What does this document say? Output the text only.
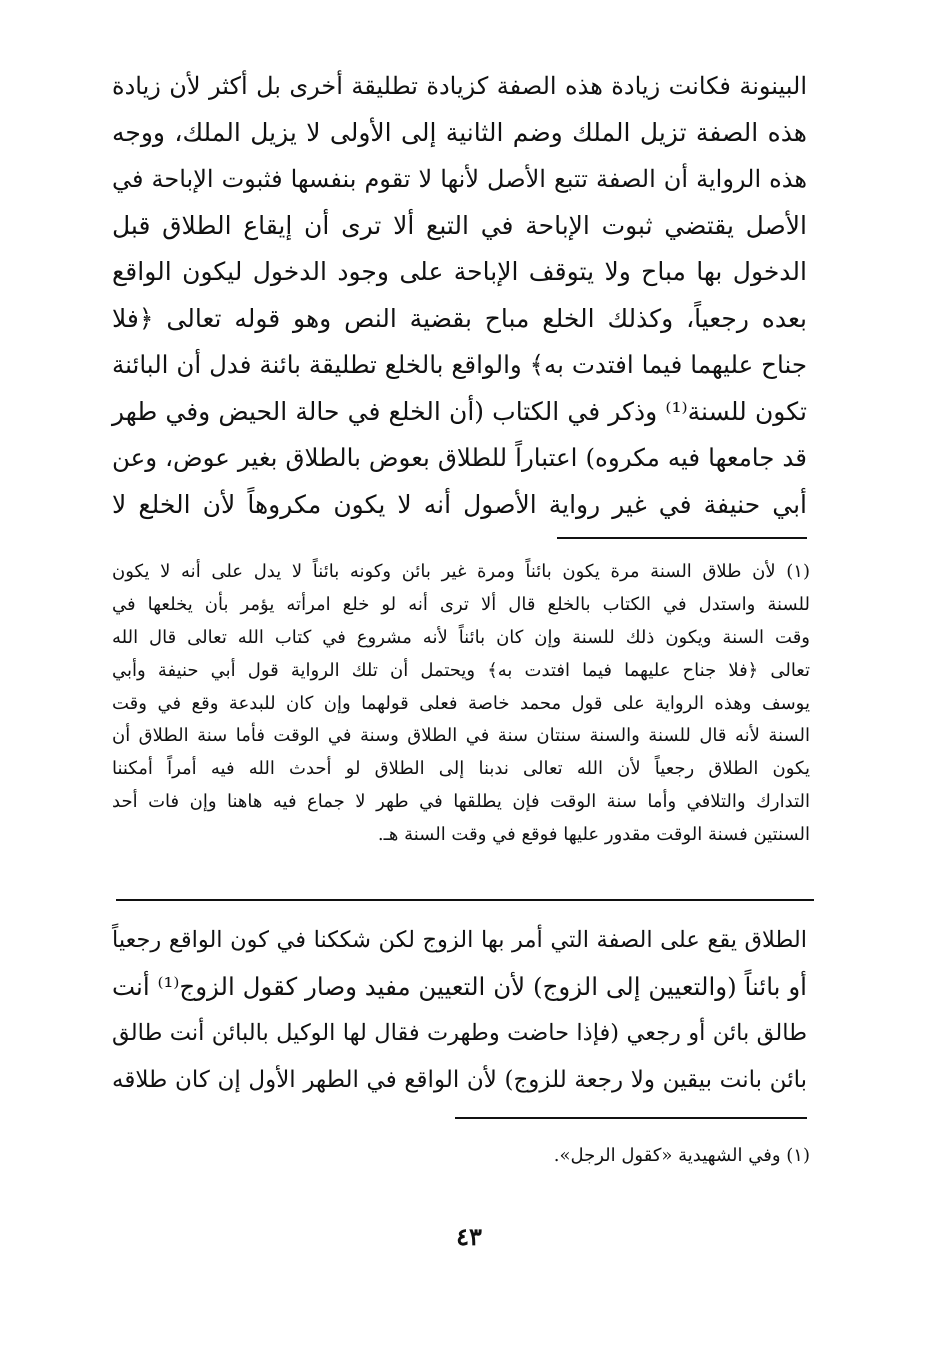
البينونة فكانت زيادة هذه الصفة كزيادة تطليقة أخرى بل أكثر لأن زيادة
هذه الصفة تزيل الملك وضم الثانية إلى الأولى لا يزيل الملك، ووجه
هذه الرواية أن الصفة تتبع الأصل لأنها لا تقوم بنفسها فثبوت الإباحة في
الأصل يقتضي ثبوت الإباحة في التبع ألا ترى أن إيقاع الطلاق قبل
الدخول بها مباح ولا يتوقف الإباحة على وجود الدخول ليكون الواقع
بعده رجعياً، وكذلك الخلع مباح بقضية النص وهو قوله تعالى ﴿فلا
جناح عليهما فيما افتدت به﴾ والواقع بالخلع تطليقة بائنة فدل أن البائنة
تكون للسنة⁽¹⁾ وذكر في الكتاب (أن الخلع في حالة الحيض وفي طهر
قد جامعها فيه مكروه) اعتباراً للطلاق بعوض بالطلاق بغير عوض، وعن
أبي حنيفة في غير رواية الأصول أنه لا يكون مكروهاً لأن الخلع لا
(١) لأن طلاق السنة مرة يكون بائناً ومرة غير بائن وكونه بائناً لا يدل على أنه لا يكون
للسنة واستدل في الكتاب بالخلع قال ألا ترى أنه لو خلع امرأته يؤمر بأن يخلعها في
وقت السنة ويكون ذلك للسنة وإن كان بائناً لأنه مشروع في كتاب الله تعالى قال الله
تعالى ﴿فلا جناح عليهما فيما افتدت به﴾ ويحتمل أن تلك الرواية قول أبي حنيفة وأبي
يوسف وهذه الرواية على قول محمد خاصة فعلى قولهما وإن كان للبدعة وقع في وقت
السنة لأنه قال للسنة والسنة سنتان سنة في الطلاق وسنة في الوقت فأما سنة الطلاق أن
يكون الطلاق رجعياً لأن الله تعالى ندبنا إلى الطلاق لو أحدث الله فيه أمراً أمكننا
التدارك والتلافي وأما سنة الوقت فإن يطلقها في طهر لا جماع فيه هاهنا وإن فات أحد
السنتين فسنة الوقت مقدور عليها فوقع في وقت السنة هـ.
الطلاق يقع على الصفة التي أمر بها الزوج لكن شككنا في كون الواقع رجعياً
أو بائناً (والتعيين إلى الزوج) لأن التعيين مفيد وصار كقول الزوج⁽¹⁾ أنت
طالق بائن أو رجعي (فإذا حاضت وطهرت فقال لها الوكيل بالبائن أنت طالق
بائن بانت بيقين ولا رجعة للزوج) لأن الواقع في الطهر الأول إن كان طلاقه
(١) وفي الشهيدية «كقول الرجل».
٤٣
